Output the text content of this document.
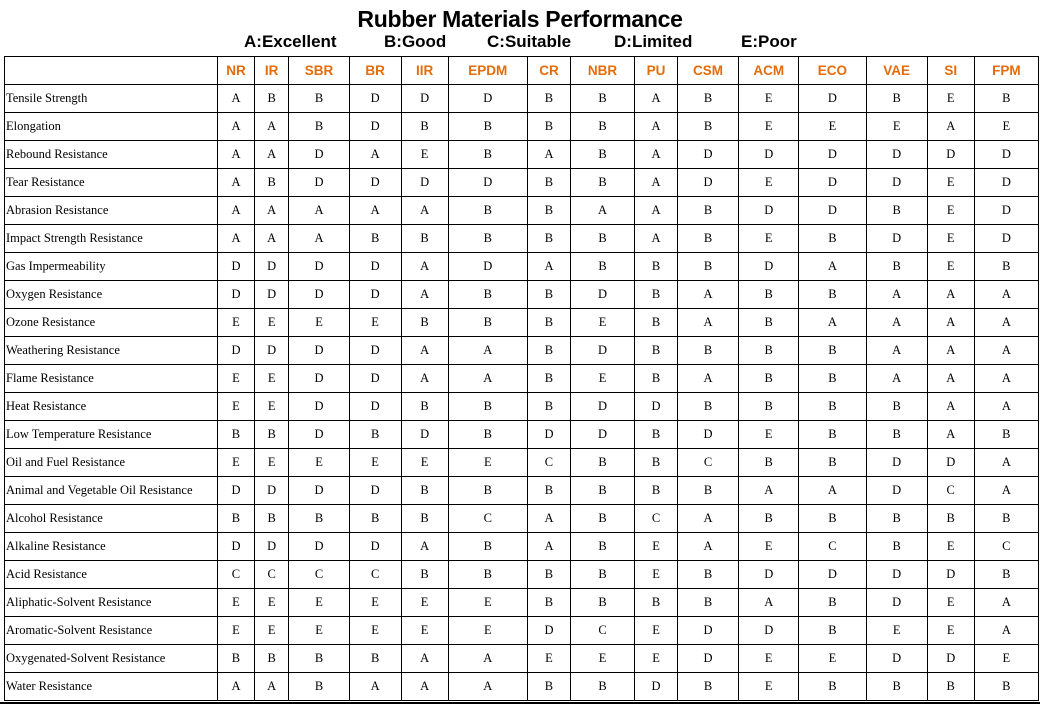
Rubber Materials Performance
A:Excellent	B:Good C:Suitable	D:Limited	E:Poor
	NR	IR	SBR	BR	IIR	EPDM	CR	NBR	PU	CSM	ACM	ECO	VAE	SI	FPM
Tensile Strength	A	B	B	D	D	D	B	B	A	B	E	D	B	E	B
Elongation	A	A	B	D	B	B	B	B	A	B	E	E	E	A	E
Rebound Resistance	A	A	D	A	E	B	A	B	A	D	D	D	D	D	D
Tear Resistance	A	B	D	D	D	D	B	B	A	D	E	D	D	E	D
Abrasion Resistance	A	A	A	A	A	B	B	A	A	B	D	D	B	E	D
Impact Strength Resistance	A	A	A	B	B	B	B	B	A	B	E	B	D	E	D
Gas Impermeability	D	D	D	D	A	D	A	B	B	B	D	A	B	E	B
Oxygen Resistance	D	D	D	D	A	B	B	D	B	A	B	B	A	A	A
Ozone Resistance	E	E	E	E	B	B	B	E	B	A	B	A	A	A	A
Weathering Resistance	D	D	D	D	A	A	B	D	B	B	B	B	A	A	A
Flame Resistance	E	E	D	D	A	A	B	E	B	A	B	B	A	A	A
Heat Resistance	E	E	D	D	B	B	B	D	D	B	B	B	B	A	A
Low Temperature Resistance	B	B	D	B	D	B	D	D	B	D	E	B	B	A	B
Oil and Fuel Resistance	E	E	E	E	E	E	C	B	B	C	B	B	D	D	A
Animal and Vegetable Oil Resistance	D	D	D	D	B	B	B	B	B	B	A	A	D	C	A
Alcohol Resistance	B	B	B	B	B	C	A	B	C	A	B	B	B	B	B
Alkaline Resistance	D	D	D	D	A	B	A	B	E	A	E	C	B	E	C
Acid Resistance	C	C	C	C	B	B	B	B	E	B	D	D	D	D	B
Aliphatic-Solvent Resistance	E	E	E	E	E	E	B	B	B	B	A	B	D	E	A
Aromatic-Solvent Resistance	E	E	E	E	E	E	D	C	E	D	D	B	E	E	A
Oxygenated-Solvent Resistance	B	B	B	B	A	A	E	E	E	D	E	E	D	D	E
Water Resistance	A	A	B	A	A	A	B	B	D	B	E	B	B	B	B
